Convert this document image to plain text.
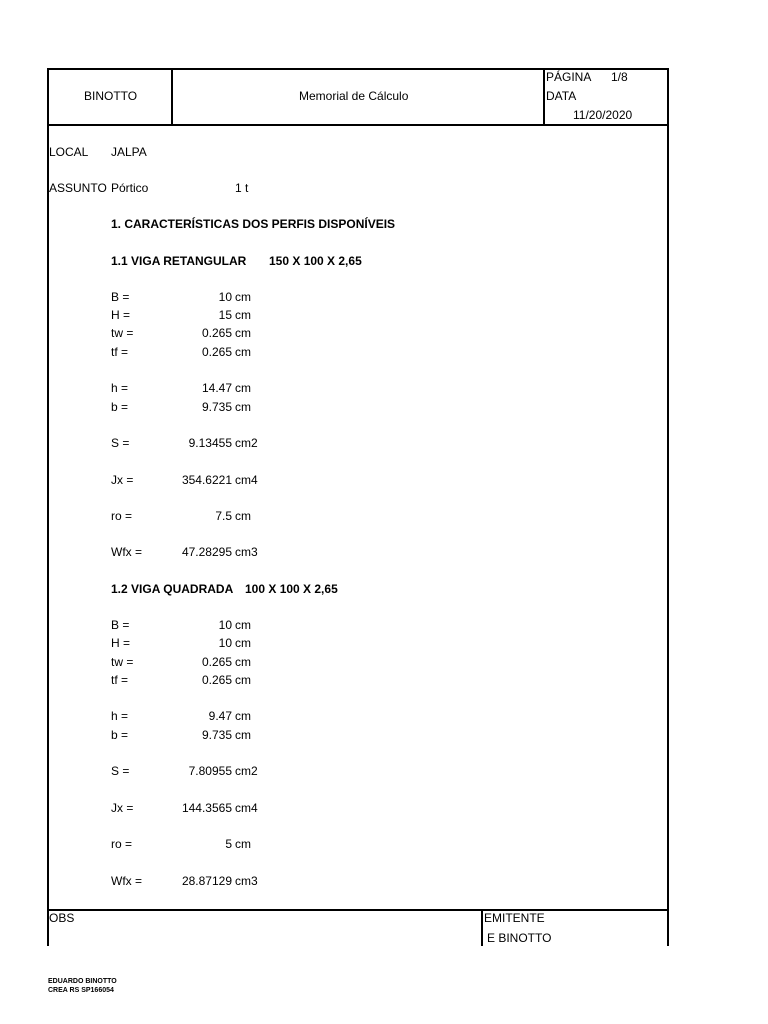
BINOTTO	Memorial de Cálculo
PÁGINA 1/8
DATA
11/20/2020
LOCAL JALPA
ASSUNTO Pórtico	1 t
1. CARACTERÍSTICAS DOS PERFIS DISPONÍVEIS
1.1 VIGA RETANGULAR 150 X 100 X 2,65
B =	10 cm
H =	15 cm
tw =	0.265 cm
tf =	0.265 cm
h =	14.47 cm
b =	9.735 cm
S =	9.13455 cm2
Jx =	354.6221 cm4
ro =	7.5 cm
Wfx =	47.28295 cm3
1.2 VIGA QUADRADA 100 X 100 X 2,65
B =	10 cm
H =	10 cm
tw =	0.265 cm
tf =	0.265 cm
h =	9.47 cm
b =	9.735 cm
S =	7.80955 cm2
Jx =	144.3565 cm4
ro =	5 cm
Wfx =	28.87129 cm3
OBS	EMITENTE
E BINOTTO
EDUARDO BINOTTO
CREA RS SP166054
